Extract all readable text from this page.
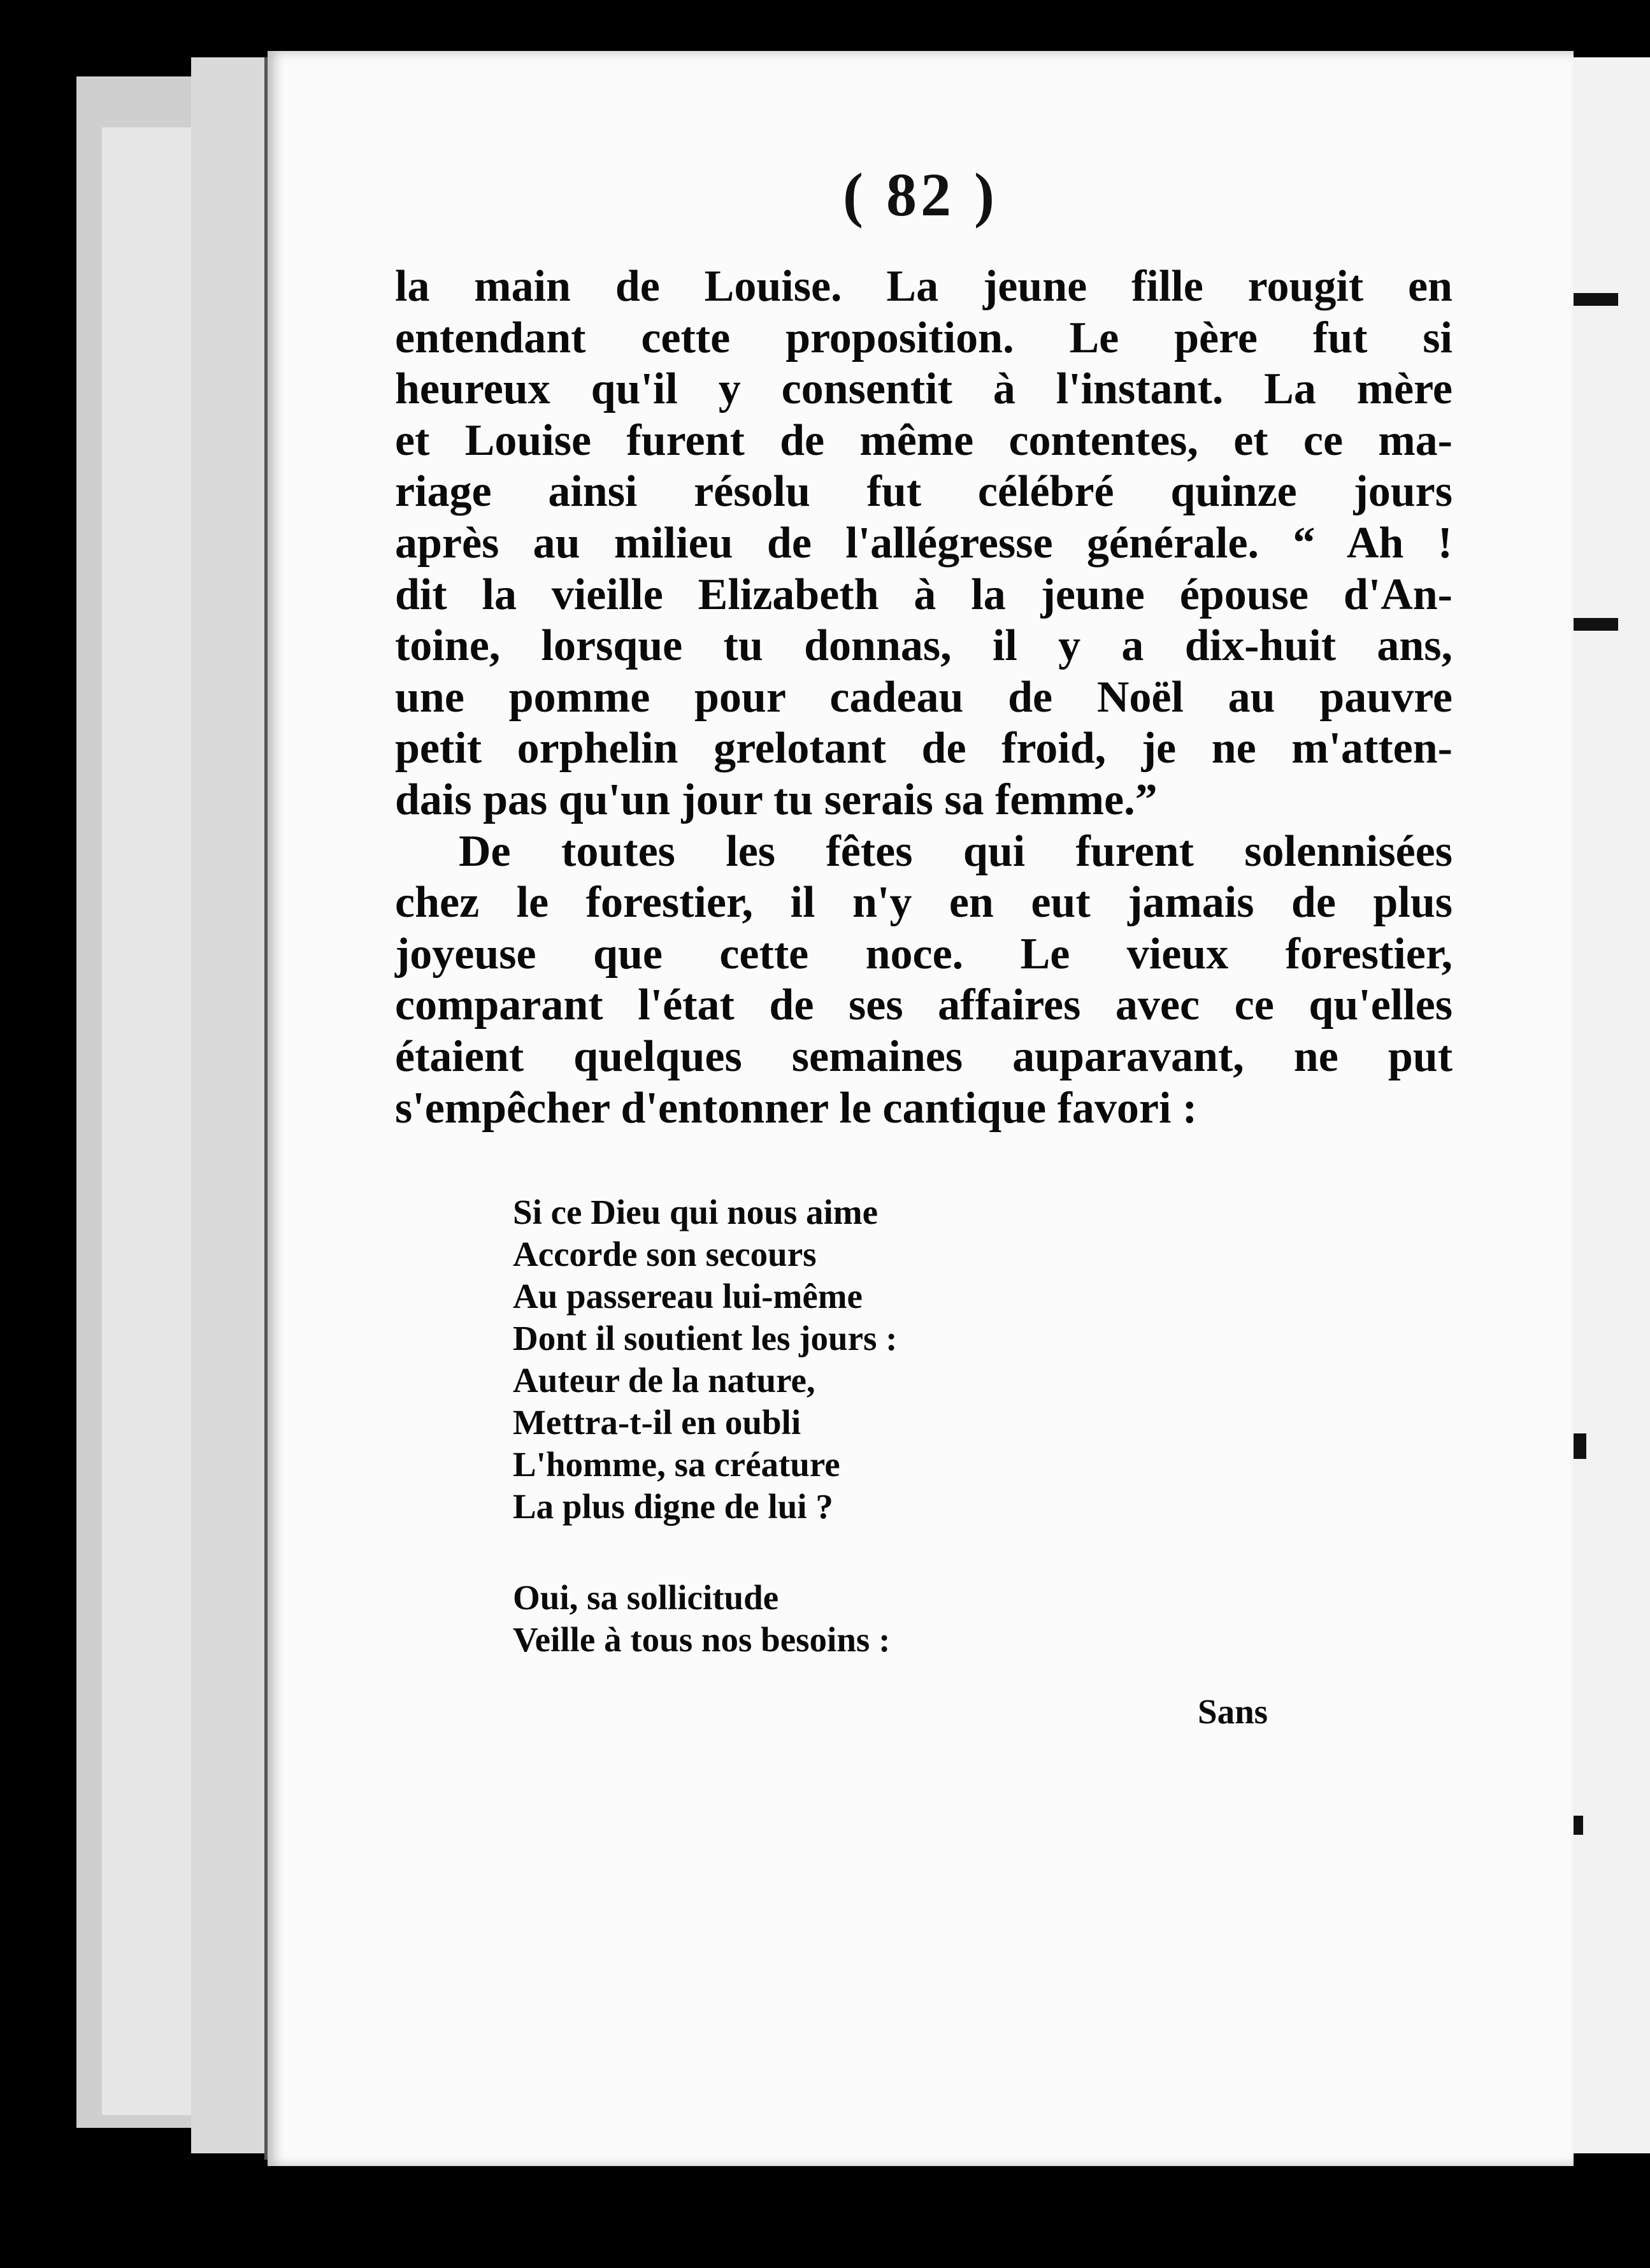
( 82 )
la main de Louise. La jeune fille rougit en
entendant cette proposition. Le père fut si
heureux qu'il y consentit à l'instant. La mère
et Louise furent de même contentes, et ce ma-
riage ainsi résolu fut célébré quinze jours
après au milieu de l'allégresse générale. “ Ah !
dit la vieille Elizabeth à la jeune épouse d'An-
toine, lorsque tu donnas, il y a dix-huit ans,
une pomme pour cadeau de Noël au pauvre
petit orphelin grelotant de froid, je ne m'atten-
dais pas qu'un jour tu serais sa femme.”
De toutes les fêtes qui furent solennisées
chez le forestier, il n'y en eut jamais de plus
joyeuse que cette noce. Le vieux forestier,
comparant l'état de ses affaires avec ce qu'elles
étaient quelques semaines auparavant, ne put
s'empêcher d'entonner le cantique favori :
Si ce Dieu qui nous aime
Accorde son secours
Au passereau lui-même
Dont il soutient les jours :
Auteur de la nature,
Mettra-t-il en oubli
L'homme, sa créature
La plus digne de lui ?
Oui, sa sollicitude
Veille à tous nos besoins :
Sans
